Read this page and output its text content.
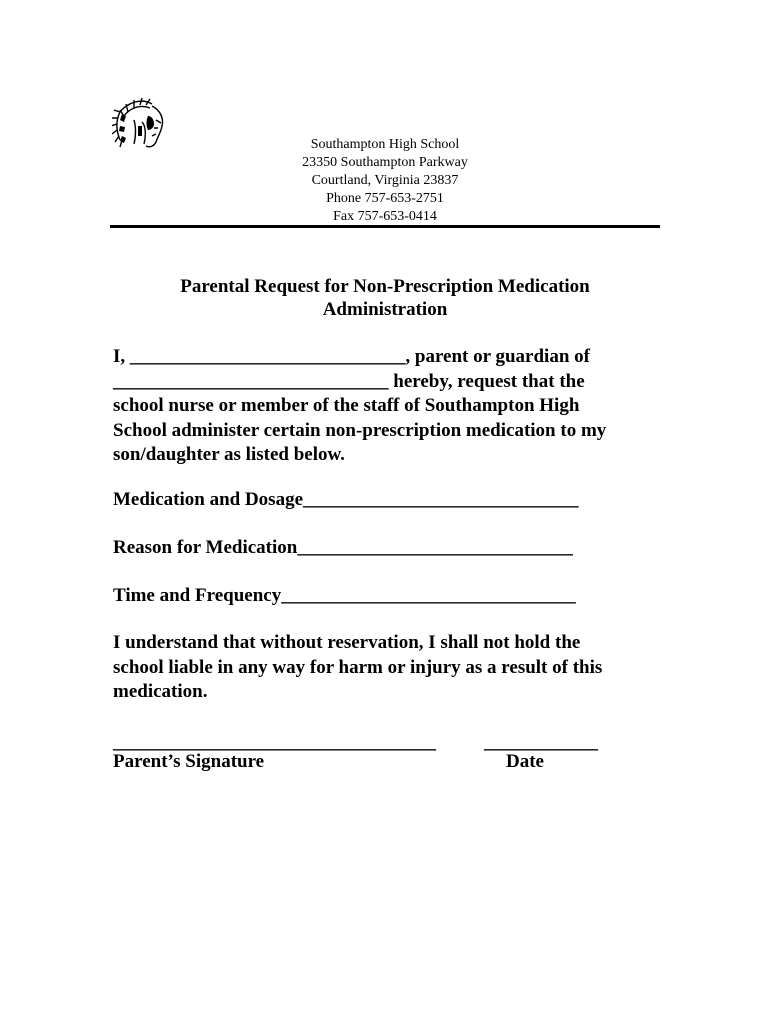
Southampton High School
23350 Southampton Parkway
Courtland, Virginia 23837
Phone 757-653-2751
Fax 757-653-0414
Parental Request for Non-Prescription Medication
Administration
I, _____________________________, parent or guardian of
_____________________________ hereby, request that the
school nurse or member of the staff of Southampton High
School administer certain non-prescription medication to my
son/daughter as listed below.
Medication and Dosage_____________________________
Reason for Medication_____________________________
Time and Frequency_______________________________
I understand that without reservation, I shall not hold the
school liable in any way for harm or injury as a result of this
medication.
__________________________________	____________
Parent’s Signature	Date
